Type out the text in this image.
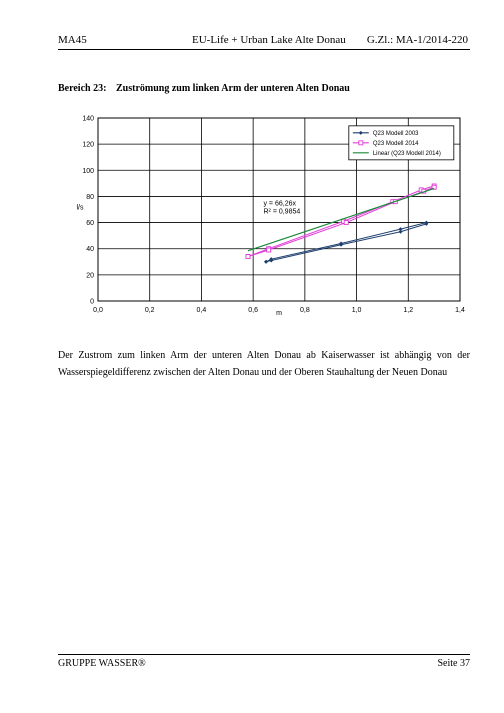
MA45	EU-Life + Urban Lake Alte Donau G.Zl.: MA-1/2014-220
Bereich 23: Zuströmung zum linken Arm der unteren Alten Donau
0,0	0,2	0,4	0,6	0,8	1,0	1,2	1,4
0
20
40
60
80
100
120
140
m
l/s
y = 66,26x
R² = 0,9854
Q23 Modell 2003
Q23 Modell 2014
Linear (Q23 Modell 2014)
Der Zustrom zum linken Arm der unteren Alten Donau ab Kaiserwasser ist abhängig von der
Wasserspiegeldifferenz zwischen der Alten Donau und der Oberen Stauhaltung der Neuen Donau
GRUPPE WASSER®	Seite 37
